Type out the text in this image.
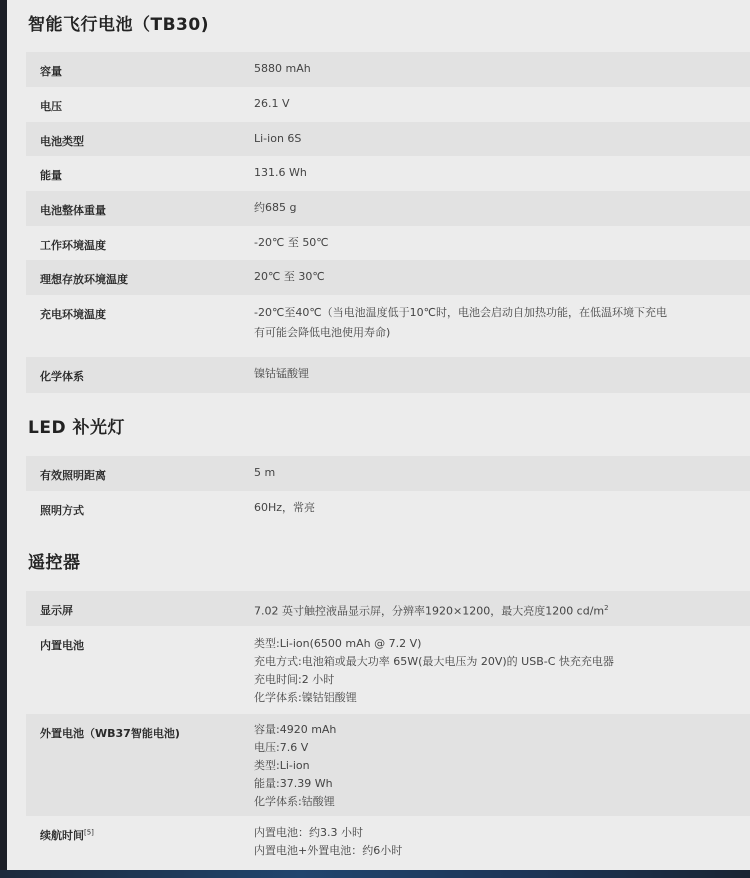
智能飞行电池（TB30)
容量	5880 mAh
电压	26.1 V
电池类型	Li-ion 6S
能量	131.6 Wh
电池整体重量	约685 g
工作环境温度	-20℃ 至 50℃
理想存放环境温度	20℃ 至 30℃
充电环境温度	-20℃至40℃（当电池温度低于10℃时，电池会启动自加热功能，在低温环境下充电
有可能会降低电池使用寿命)
化学体系	镍钴锰酸锂
LED 补光灯
有效照明距离	5 m
照明方式	60Hz，常亮
遥控器
显示屏	7.02 英寸触控液晶显示屏，分辨率1920×1200，最大亮度1200 $cd/m^2$
内置电池	类型:Li-ion(6500 mAh @ 7.2 V)
充电方式:电池箱或最大功率 65W(最大电压为 20V)的 USB-C 快充充电器
充电时间:2 小时
化学体系:镍钴铝酸锂
外置电池（WB37智能电池)	容量:4920 mAh
电压:7.6 V
类型:Li-ion
能量:37.39 Wh
化学体系:钴酸锂
续航时间[5]	内置电池：约3.3 小时
内置电池+外置电池：约6小时
